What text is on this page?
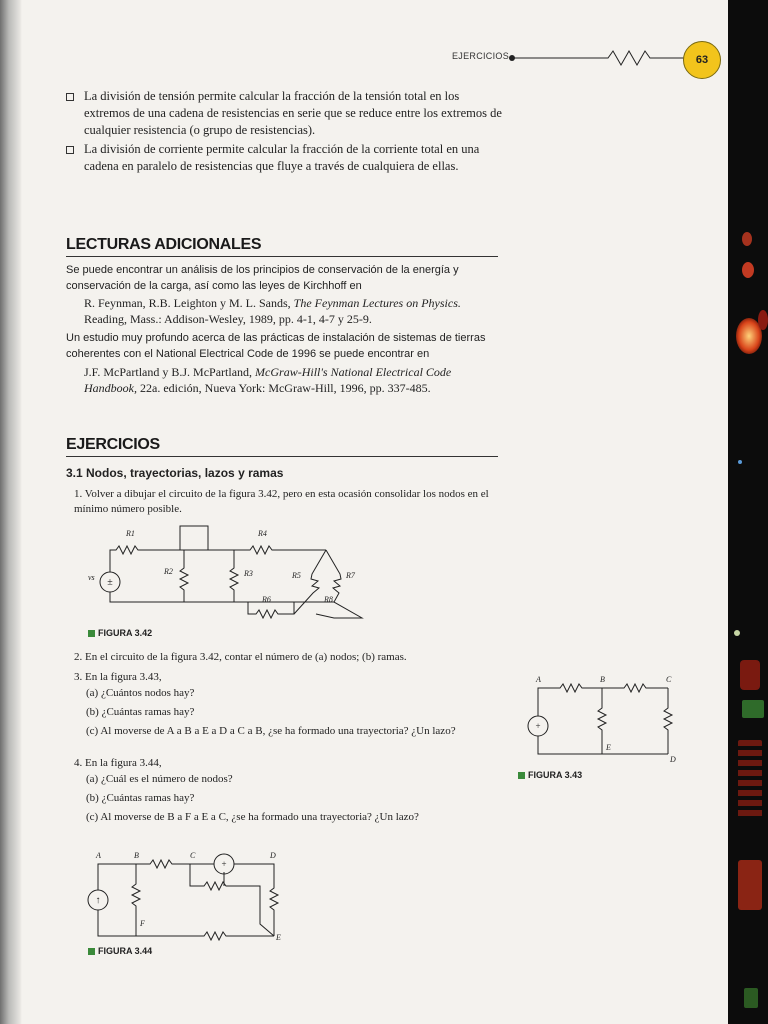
EJERCICIOS	63
La división de tensión permite calcular la fracción de la tensión total en los extremos de una cadena de resistencias en serie que se reduce entre los extremos de cualquier resistencia (o grupo de resistencias).
La división de corriente permite calcular la fracción de la corriente total en una cadena en paralelo de resistencias que fluye a través de cualquiera de ellas.
LECTURAS ADICIONALES
Se puede encontrar un análisis de los principios de conservación de la energía y conservación de la carga, así como las leyes de Kirchhoff en
R. Feynman, R.B. Leighton y M. L. Sands, The Feynman Lectures on Physics. Reading, Mass.: Addison-Wesley, 1989, pp. 4-1, 4-7 y 25-9.
Un estudio muy profundo acerca de las prácticas de instalación de sistemas de tierras coherentes con el National Electrical Code de 1996 se puede encontrar en
J.F. McPartland y B.J. McPartland, McGraw-Hill's National Electrical Code Handbook, 22a. edición, Nueva York: McGraw-Hill, 1996, pp. 337-485.
EJERCICIOS
3.1 Nodos, trayectorias, lazos y ramas
1. Volver a dibujar el circuito de la figura 3.42, pero en esta ocasión consolidar los nodos en el mínimo número posible.
±
vs
R1
R2	R3
R4
R5
R6
R7
R8
FIGURA 3.42
2. En el circuito de la figura 3.42, contar el número de (a) nodos; (b) ramas.
3. En la figura 3.43,
(a) ¿Cuántos nodos hay?
(b) ¿Cuántas ramas hay?
(c) Al moverse de A a B a E a D a C a B, ¿se ha formado una trayectoria? ¿Un lazo?
4. En la figura 3.44,
(a) ¿Cuál es el número de nodos?
(b) ¿Cuántas ramas hay?
(c) Al moverse de B a F a E a C, ¿se ha formado una trayectoria? ¿Un lazo?
+
A	B	C
E
D
FIGURA 3.43
↑
+
A	B	C	D
E
F
FIGURA 3.44
